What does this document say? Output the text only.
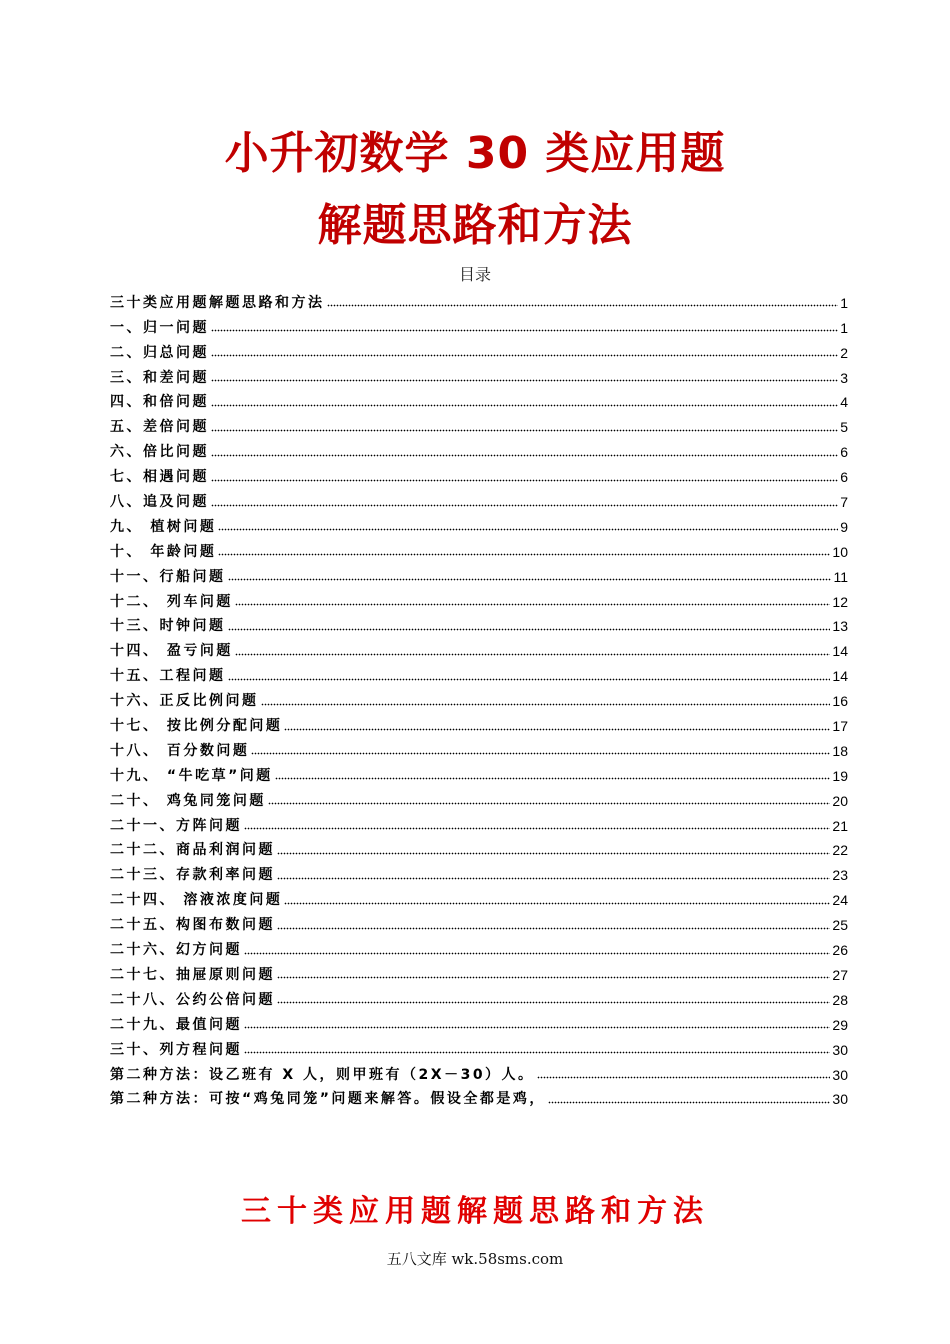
小升初数学 30 类应用题
解题思路和方法
目录
三十类应用题解题思路和方法	1
一、归一问题	1
二、归总问题	2
三、和差问题	3
四、和倍问题	4
五、差倍问题	5
六、倍比问题	6
七、相遇问题	6
八、追及问题	7
九、 植树问题	9
十、 年龄问题	10
十一、行船问题	11
十二、 列车问题	12
十三、时钟问题	13
十四、 盈亏问题	14
十五、工程问题	14
十六、正反比例问题	16
十七、 按比例分配问题	17
十八、 百分数问题	18
十九、 “牛吃草”问题	19
二十、 鸡兔同笼问题	20
二十一、方阵问题	21
二十二、商品利润问题	22
二十三、存款利率问题	23
二十四、 溶液浓度问题	24
二十五、构图布数问题	25
二十六、幻方问题	26
二十七、抽屉原则问题	27
二十八、公约公倍问题	28
二十九、最值问题	29
三十、列方程问题	30
第二种方法：设乙班有 X 人，则甲班有（2X－30）人。	30
第二种方法：可按“鸡兔同笼”问题来解答。假设全都是鸡，	30
三十类应用题解题思路和方法
五八文库 wk.58sms.com
